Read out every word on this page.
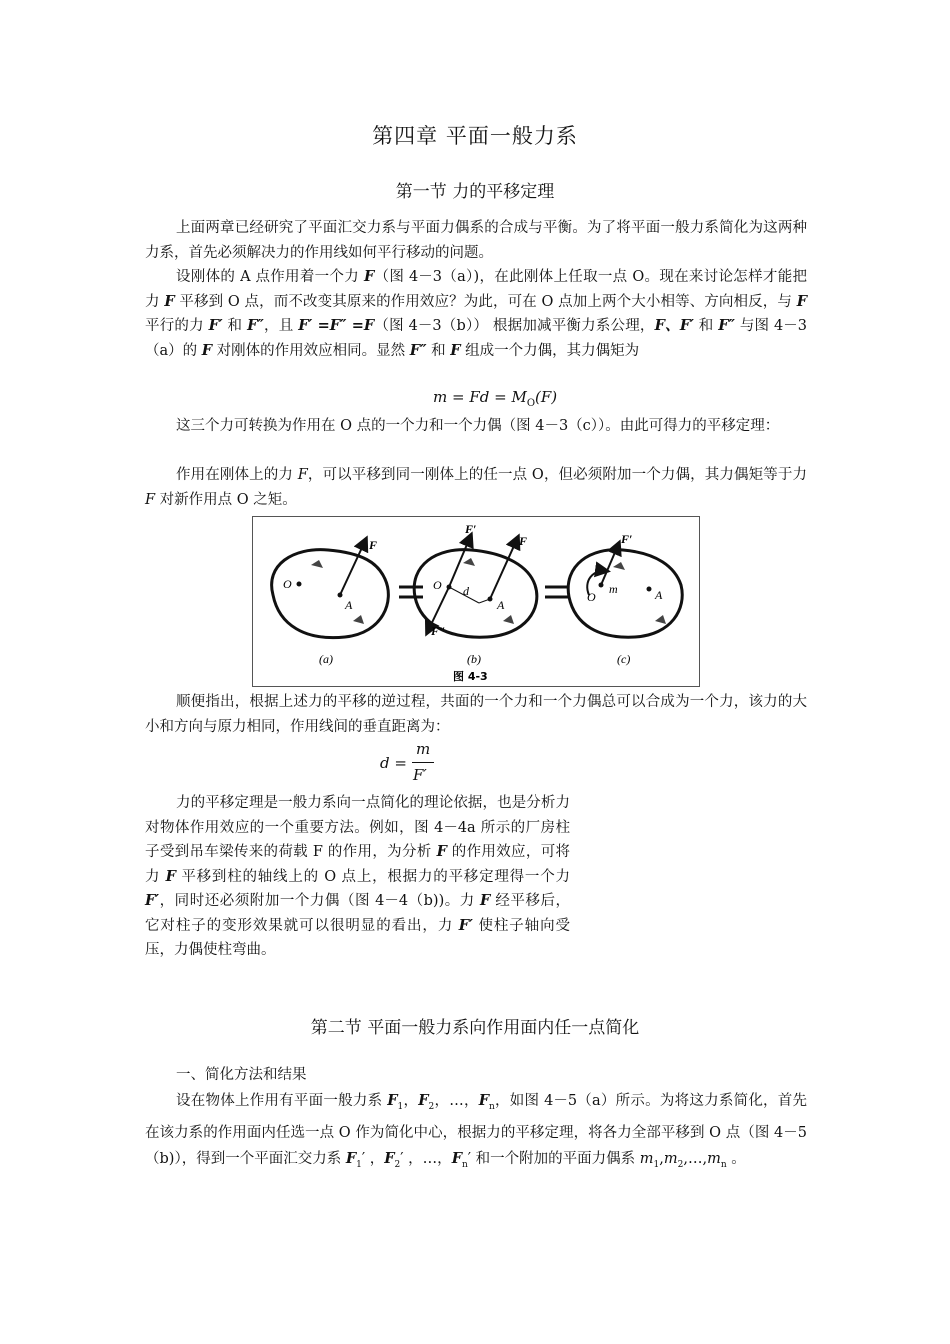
第四章 平面一般力系
第一节 力的平移定理

上面两章已经研究了平面汇交力系与平面力偶系的合成与平衡。为了将平面一般力系简化为这两种力系，首先必须解决力的作用线如何平行移动的问题。

设刚体的 A 点作用着一个力 F（图 4－3（a）)，在此刚体上任取一点 O。现在来讨论怎样才能把力 F 平移到 O 点，而不改变其原来的作用效应？为此，可在 O 点加上两个大小相等、方向相反，与 F 平行的力 F′ 和 F″，且 F′ =F″ =F（图 4－3（b）） 根据加减平衡力系公理，F、F′ 和 F″ 与图 4－3（a）的 F 对刚体的作用效应相同。显然 F″ 和 F 组成一个力偶，其力偶矩为

$m = Fd = M_O(F)$

这三个力可转换为作用在 O 点的一个力和一个力偶（图 4－3（c））。由此可得力的平移定理：

作用在刚体上的力 F，可以平移到同一刚体上的任一点 O，但必须附加一个力偶，其力偶矩等于力 F 对新作用点 O 之矩。

O
A
F
O
A
d
F
F′
F″
O
m	A
F′
(a)	(b)	(c)
图 4-3

顺便指出，根据上述力的平移的逆过程，共面的一个力和一个力偶总可以合成为一个力，该力的大小和方向与原力相同，作用线间的垂直距离为：

d =
m
F′

力的平移定理是一般力系向一点简化的理论依据，也是分析力对物体作用效应的一个重要方法。例如，图 4－4a 所示的厂房柱子受到吊车梁传来的荷载 F 的作用，为分析 F 的作用效应，可将力 F 平移到柱的轴线上的 O 点上，根据力的平移定理得一个力 F′，同时还必须附加一个力偶（图 4－4（b))。力 F 经平移后，它对柱子的变形效果就可以很明显的看出，力 F′ 使柱子轴向受压，力偶使柱弯曲。

第二节 平面一般力系向作用面内任一点简化

一、简化方法和结果

设在物体上作用有平面一般力系 $F_1$，$F_2$，…，$F_n$，如图 4－5（a）所示。为将这力系简化，首先在该力系的作用面内任选一点 O 作为简化中心，根据力的平移定理，将各力全部平移到 O 点（图 4－5（b)），得到一个平面汇交力系 $F_1'$ ，$F_2'$ ，…，$F_n'$ 和一个附加的平面力偶系 $m_1,m_2,\dots,m_n$ 。
